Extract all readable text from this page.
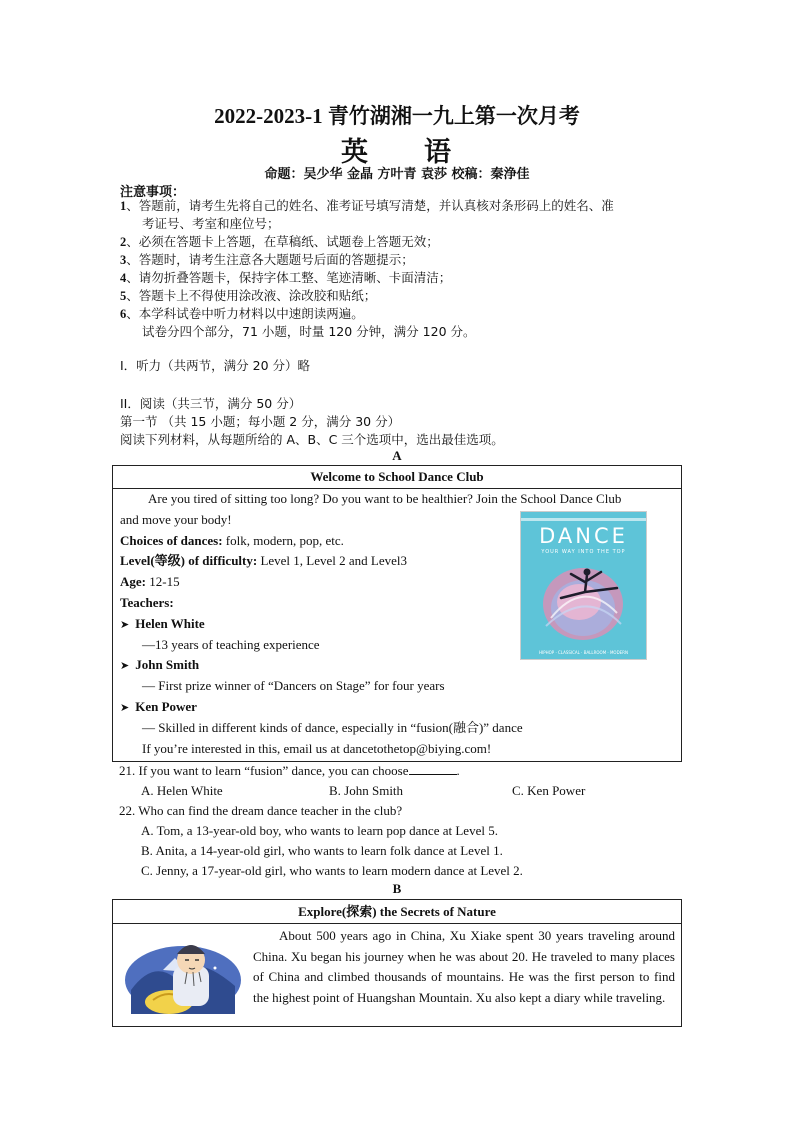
2022-2023-1 青竹湖湘一九上第一次月考
英 语
命题：吴少华 金晶 方叶青 袁莎 校稿：秦浄佳
注意事项：
1、答题前，请考生先将自己的姓名、准考证号填写清楚，并认真核对条形码上的姓名、准
考证号、考室和座位号；
2、必须在答题卡上答题，在草稿纸、试题卷上答题无效；
3、答题时，请考生注意各大题题号后面的答题提示；
4、请勿折叠答题卡，保持字体工整、笔迹清晰、卡面清洁；
5、答题卡上不得使用涂改液、涂改胶和贴纸；
6、本学科试卷中听力材料以中速朗读两遍。
试卷分四个部分，71 小题，时量 120 分钟，满分 120 分。
I．听力（共两节，满分 20 分）略
II．阅读（共三节，满分 50 分）
第一节 （共 15 小题；每小题 2 分，满分 30 分）
阅读下列材料，从每题所给的 A、B、C 三个选项中，选出最佳选项。
A
Welcome to School Dance Club
Are you tired of sitting too long? Do you want to be healthier? Join the School Dance Club
and move your body!
Choices of dances: folk, modern, pop, etc.
Level(等级) of difficulty: Level 1, Level 2 and Level3
Age: 12-15
Teachers:
➤ Helen White
—13 years of teaching experience
➤ John Smith
— First prize winner of “Dancers on Stage” for four years
➤ Ken Power
— Skilled in different kinds of dance, especially in “fusion(融合)” dance
If you’re interested in this, email us at dancetothetop@biying.com!
DANCE
YOUR WAY INTO THE TOP
HIPHOP · CLASSICAL · BALLROOM · MODERN
21. If you want to learn “fusion” dance, you can choose	.
A. Helen White	B. John Smith	C. Ken Power
22. Who can find the dream dance teacher in the club?
A. Tom, a 13-year-old boy, who wants to learn pop dance at Level 5.
B. Anita, a 14-year-old girl, who wants to learn folk dance at Level 1.
C. Jenny, a 17-year-old girl, who wants to learn modern dance at Level 2.
B
Explore(探索) the Secrets of Nature
About 500 years ago in China, Xu Xiake spent 30 years traveling around China. Xu began his journey when he was about 20. He traveled to many places of China and climbed thousands of mountains. He was the first person to find the highest point of Huangshan Mountain. Xu also kept a diary while traveling.
